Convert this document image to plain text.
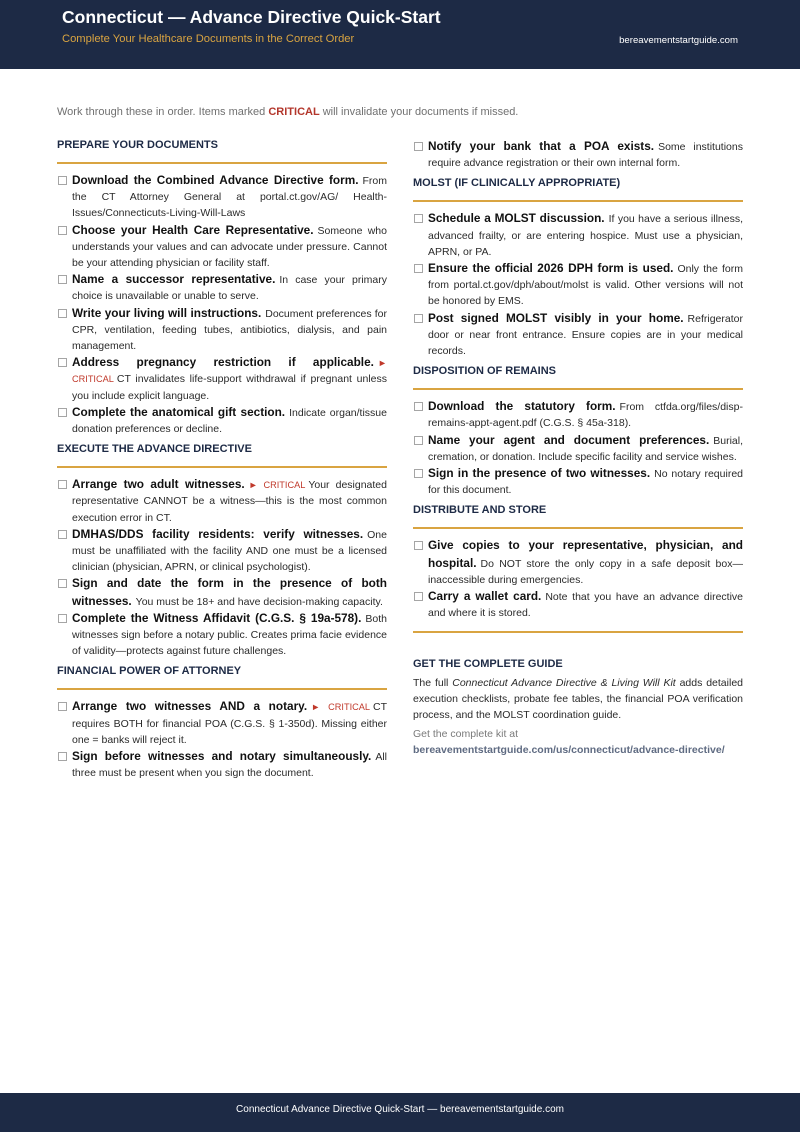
Connecticut — Advance Directive Quick-Start
Complete Your Healthcare Documents in the Correct Order	bereavementstartguide.com
Work through these in order. Items marked CRITICAL will invalidate your documents if missed.
PREPARE YOUR DOCUMENTS
Download the Combined Advance Directive form. From the CT Attorney General at portal.ct.gov/AG/ Health-Issues/Connecticuts-Living-Will-Laws
Choose your Health Care Representative. Someone who understands your values and can advocate under pressure. Cannot be your attending physician or facility staff.
Name a successor representative. In case your primary choice is unavailable or unable to serve.
Write your living will instructions. Document preferences for CPR, ventilation, feeding tubes, antibiotics, dialysis, and pain management.
Address pregnancy restriction if applicable. ► CRITICAL CT invalidates life-support withdrawal if pregnant unless you include explicit language.
Complete the anatomical gift section. Indicate organ/tissue donation preferences or decline.
EXECUTE THE ADVANCE DIRECTIVE
Arrange two adult witnesses. ► CRITICAL Your designated representative CANNOT be a witness—this is the most common execution error in CT.
DMHAS/DDS facility residents: verify witnesses. One must be unaffiliated with the facility AND one must be a licensed clinician (physician, APRN, or clinical psychologist).
Sign and date the form in the presence of both witnesses. You must be 18+ and have decision-making capacity.
Complete the Witness Affidavit (C.G.S. § 19a-578). Both witnesses sign before a notary public. Creates prima facie evidence of validity—protects against future challenges.
FINANCIAL POWER OF ATTORNEY
Arrange two witnesses AND a notary. ► CRITICAL CT requires BOTH for financial POA (C.G.S. § 1-350d). Missing either one = banks will reject it.
Sign before witnesses and notary simultaneously. All three must be present when you sign the document.
Notify your bank that a POA exists. Some institutions require advance registration or their own internal form.
MOLST (IF CLINICALLY APPROPRIATE)
Schedule a MOLST discussion. If you have a serious illness, advanced frailty, or are entering hospice. Must use a physician, APRN, or PA.
Ensure the official 2026 DPH form is used. Only the form from portal.ct.gov/dph/about/molst is valid. Other versions will not be honored by EMS.
Post signed MOLST visibly in your home. Refrigerator door or near front entrance. Ensure copies are in your medical records.
DISPOSITION OF REMAINS
Download the statutory form. From ctfda.org/files/disp-remains-appt-agent.pdf (C.G.S. § 45a-318).
Name your agent and document preferences. Burial, cremation, or donation. Include specific facility and service wishes.
Sign in the presence of two witnesses. No notary required for this document.
DISTRIBUTE AND STORE
Give copies to your representative, physician, and hospital. Do NOT store the only copy in a safe deposit box—inaccessible during emergencies.
Carry a wallet card. Note that you have an advance directive and where it is stored.
GET THE COMPLETE GUIDE
The full Connecticut Advance Directive & Living Will Kit adds detailed execution checklists, probate fee tables, the financial POA verification process, and the MOLST coordination guide.
Get the complete kit at
bereavementstartguide.com/us/connecticut/advance-directive/
Connecticut Advance Directive Quick-Start — bereavementstartguide.com
